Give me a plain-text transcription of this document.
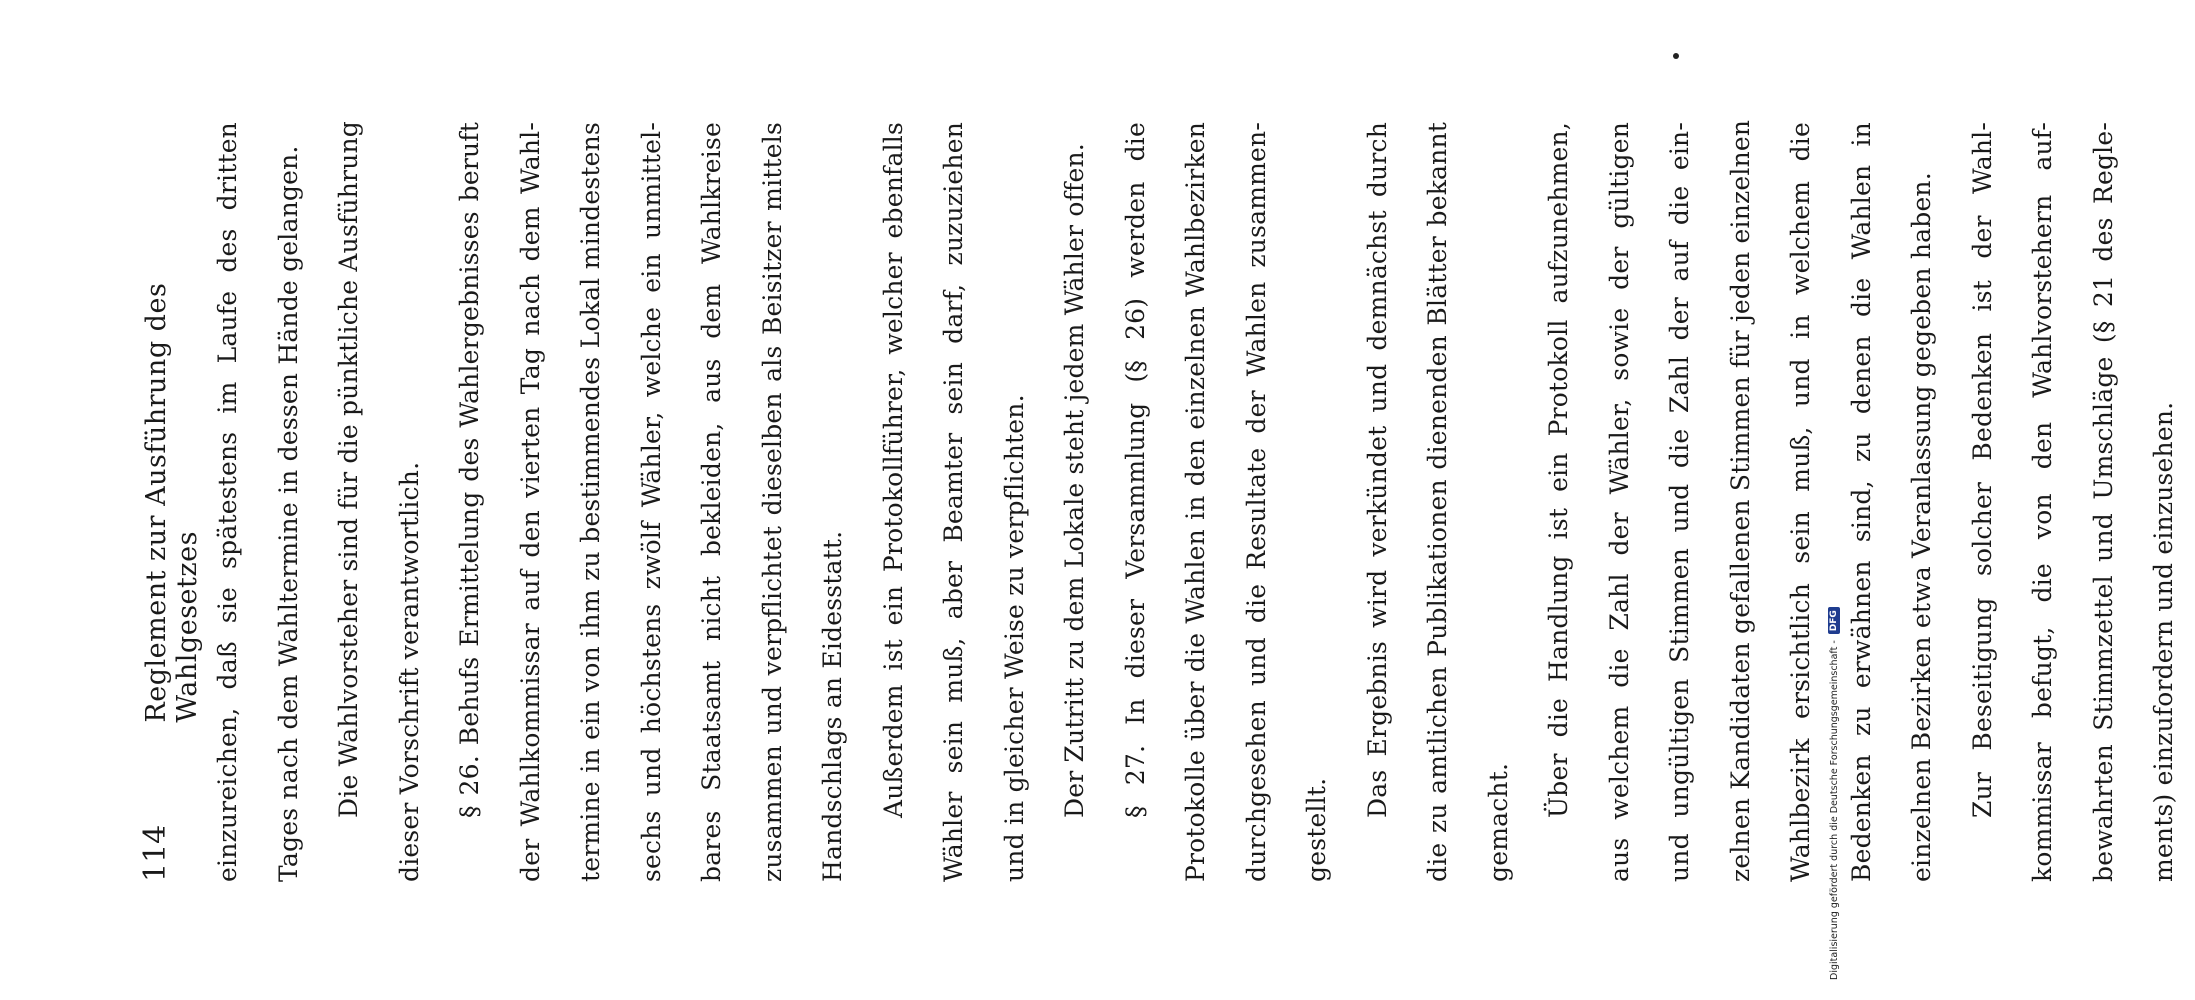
114
Reglement zur Ausführung des Wahlgesetzes einzureichen, daß sie spätestens im Laufe des dritten	Tages nach dem Wahltermine in dessen Hände gelangen.	Die Wahlvorsteher sind für die pünktliche Ausführung	dieser Vorschrift verantwortlich.	§ 26. Behufs Ermittelung des Wahlergebnisses beruft	der Wahlkommissar auf den vierten Tag nach dem Wahl-	termine in ein von ihm zu bestimmendes Lokal mindestens	sechs und höchstens zwölf Wähler, welche ein unmittel-	bares Staatsamt nicht bekleiden, aus dem Wahlkreise	zusammen und verpflichtet dieselben als Beisitzer mittels	Handschlags an Eidesstatt.	Außerdem ist ein Protokollführer, welcher ebenfalls	Wähler sein muß, aber Beamter sein darf, zuzuziehen	und in gleicher Weise zu verpflichten.	Der Zutritt zu dem Lokale steht jedem Wähler offen.	§ 27. In dieser Versammlung (§ 26) werden die	Protokolle über die Wahlen in den einzelnen Wahlbezirken	durchgesehen und die Resultate der Wahlen zusammen-	gestellt.
Das Ergebnis wird verkündet und demnächst durch	die zu amtlichen Publikationen dienenden Blätter bekannt	gemacht.
Über die Handlung ist ein Protokoll aufzunehmen,	aus welchem die Zahl der Wähler, sowie der gültigen	und ungültigen Stimmen und die Zahl der auf die ein-	zelnen Kandidaten gefallenen Stimmen für jeden einzelnen	Wahlbezirk ersichtlich sein muß, und in welchem die	Bedenken zu erwähnen sind, zu denen die Wahlen in	einzelnen Bezirken etwa Veranlassung gegeben haben.	Zur Beseitigung solcher Bedenken ist der Wahl-	kommissar befugt, die von den Wahlvorstehern auf-	bewahrten Stimmzettel und Umschläge (§ 21 des Regle-	ments) einzufordern und einzusehen.
Digitalisierung gefördert durch die Deutsche Forschungsgemeinschaft -
DFG
